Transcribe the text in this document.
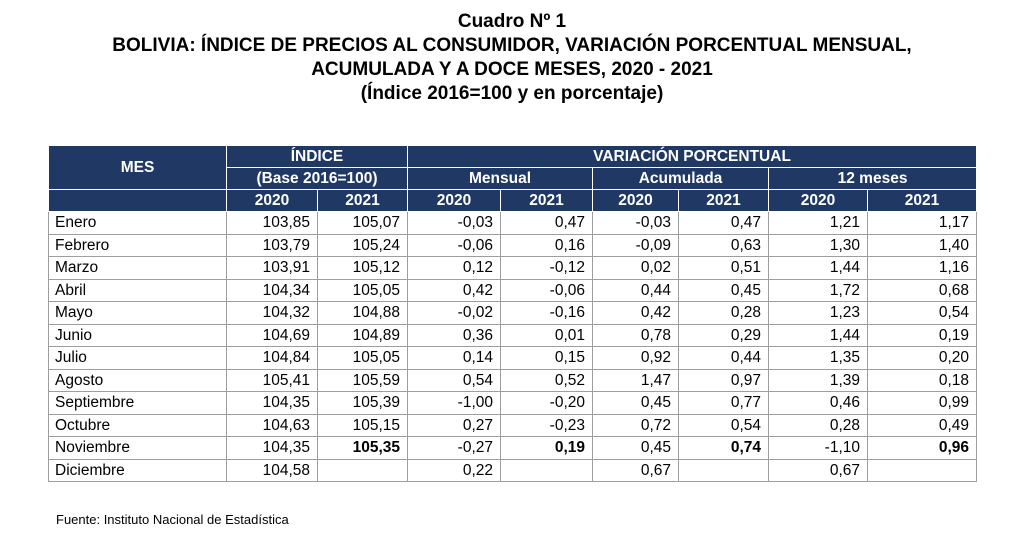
Cuadro Nº 1
BOLIVIA: ÍNDICE DE PRECIOS AL CONSUMIDOR, VARIACIÓN PORCENTUAL MENSUAL,
ACUMULADA Y A DOCE MESES, 2020 - 2021
(Índice 2016=100 y en porcentaje)
MES	ÍNDICE		VARIACIÓN PORCENTUAL					
	(Base 2016=100)		Mensual		Acumulada		12 meses	
	2020	2021	2020	2021	2020	2021	2020	2021
Enero	103,85	105,07	-0,03	0,47	-0,03	0,47	1,21	1,17
Febrero	103,79	105,24	-0,06	0,16	-0,09	0,63	1,30	1,40
Marzo	103,91	105,12	0,12	-0,12	0,02	0,51	1,44	1,16
Abril	104,34	105,05	0,42	-0,06	0,44	0,45	1,72	0,68
Mayo	104,32	104,88	-0,02	-0,16	0,42	0,28	1,23	0,54
Junio	104,69	104,89	0,36	0,01	0,78	0,29	1,44	0,19
Julio	104,84	105,05	0,14	0,15	0,92	0,44	1,35	0,20
Agosto	105,41	105,59	0,54	0,52	1,47	0,97	1,39	0,18
Septiembre	104,35	105,39	-1,00	-0,20	0,45	0,77	0,46	0,99
Octubre	104,63	105,15	0,27	-0,23	0,72	0,54	0,28	0,49
Noviembre	104,35	105,35	-0,27	0,19	0,45	0,74	-1,10	0,96
Diciembre	104,58		0,22		0,67		0,67	
Fuente: Instituto Nacional de Estadística
